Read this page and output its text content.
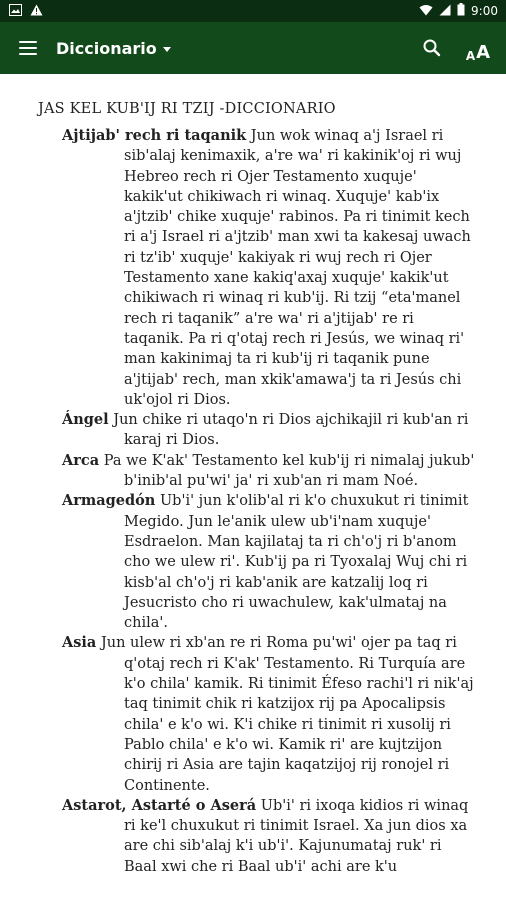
9:00
Diccionario	A A
JAS KEL KUB'IJ RI TZIJ -DICCIONARIO

Ajtijab' rech ri taqanik Jun wok winaq a'j Israel ri sib'alaj kenimaxik, a're wa' ri kakinik'oj ri wuj Hebreo rech ri Ojer Testamento xuquje' kakik'ut chikiwach ri winaq. Xuquje' kab'ix a'jtzib' chike xuquje' rabinos. Pa ri tinimit kech ri a'j Israel ri a'jtzib' man xwi ta kakesaj uwach ri tz'ib' xuquje' kakiyak ri wuj rech ri Ojer Testamento xane kakiq'axaj xuquje' kakik'ut chikiwach ri winaq ri kub'ij. Ri tzij “eta'manel rech ri taqanik” a're wa' ri a'jtijab' re ri taqanik. Pa ri q'otaj rech ri Jesús, we winaq ri' man kakinimaj ta ri kub'ij ri taqanik pune a'jtijab' rech, man xkik'amawa'j ta ri Jesús chi uk'ojol ri Dios.

Ángel Jun chike ri utaqo'n ri Dios ajchikajil ri kub'an ri karaj ri Dios.

Arca Pa we K'ak' Testamento kel kub'ij ri nimalaj jukub' b'inib'al pu'wi' ja' ri xub'an ri mam Noé.

Armagedón Ub'i' jun k'olib'al ri k'o chuxukut ri tinimit Megido. Jun le'anik ulew ub'i'nam xuquje' Esdraelon. Man kajilataj ta ri ch'o'j ri b'anom cho we ulew ri'. Kub'ij pa ri Tyoxalaj Wuj chi ri kisb'al ch'o'j ri kab'anik are katzalij loq ri Jesucristo cho ri uwachulew, kak'ulmataj na chila'.

Asia Jun ulew ri xb'an re ri Roma pu'wi' ojer pa taq ri q'otaj rech ri K'ak' Testamento. Ri Turquía are k'o chila' kamik. Ri tinimit Éfeso rachi'l ri nik'aj taq tinimit chik ri katzijox rij pa Apocalipsis chila' e k'o wi. K'i chike ri tinimit ri xusolij ri Pablo chila' e k'o wi. Kamik ri' are kujtzijon chirij ri Asia are tajin kaqatzijoj rij ronojel ri Continente.

Astarot, Astarté o Aserá Ub'i' ri ixoqa kidios ri winaq ri ke'l chuxukut ri tinimit Israel. Xa jun dios xa are chi sib'alaj k'i ub'i'. Kajunumataj ruk' ri Baal xwi che ri Baal ub'i' achi are k'u
